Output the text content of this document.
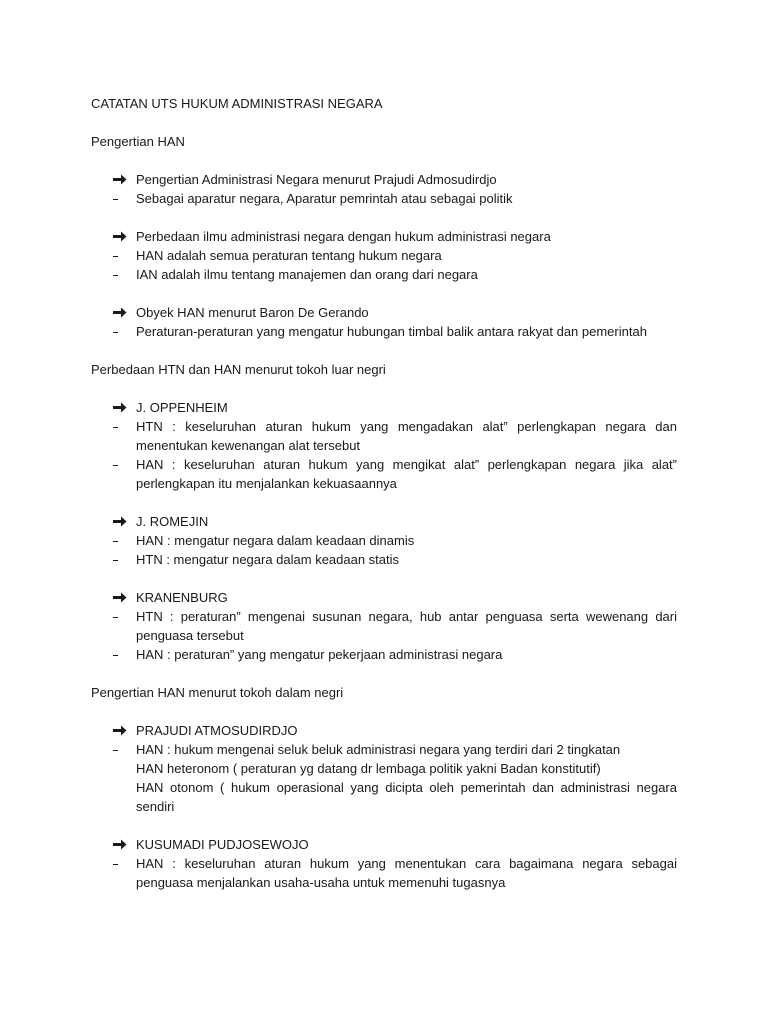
CATATAN UTS HUKUM ADMINISTRASI NEGARA
Pengertian HAN
Pengertian Administrasi Negara menurut Prajudi Admosudirdjo
Sebagai aparatur negara, Aparatur pemrintah atau sebagai politik
Perbedaan ilmu administrasi negara dengan hukum administrasi negara
HAN adalah semua peraturan tentang hukum negara
IAN adalah ilmu tentang manajemen dan orang dari negara
Obyek HAN menurut Baron De Gerando
Peraturan-peraturan yang mengatur hubungan timbal balik antara rakyat dan pemerintah
Perbedaan HTN dan HAN menurut tokoh luar negri
J. OPPENHEIM
HTN : keseluruhan aturan hukum yang mengadakan alat” perlengkapan negara dan menentukan kewenangan alat tersebut
HAN : keseluruhan aturan hukum yang mengikat alat” perlengkapan negara jika alat” perlengkapan itu menjalankan kekuasaannya
J. ROMEJIN
HAN : mengatur negara dalam keadaan dinamis
HTN : mengatur negara dalam keadaan statis
KRANENBURG
HTN : peraturan” mengenai susunan negara, hub antar penguasa serta wewenang dari penguasa tersebut
HAN : peraturan” yang mengatur pekerjaan administrasi negara
Pengertian HAN menurut tokoh dalam negri
PRAJUDI ATMOSUDIRDJO
HAN : hukum mengenai seluk beluk administrasi negara yang terdiri dari 2 tingkatan
HAN heteronom ( peraturan yg datang dr lembaga politik yakni Badan konstitutif)
HAN otonom ( hukum operasional yang dicipta oleh pemerintah dan administrasi negara sendiri
KUSUMADI PUDJOSEWOJO
HAN : keseluruhan aturan hukum yang menentukan cara bagaimana negara sebagai penguasa menjalankan usaha-usaha untuk memenuhi tugasnya
